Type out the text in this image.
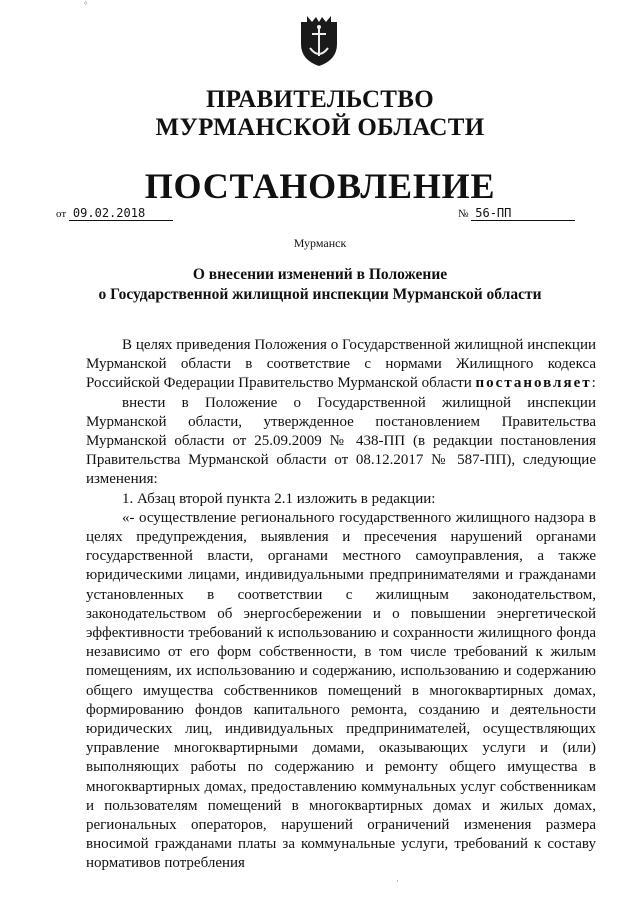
ПРАВИТЕЛЬСТВО
МУРМАНСКОЙ ОБЛАСТИ
ПОСТАНОВЛЕНИЕ
от 09.02.2018	№ 56-ПП
Мурманск
О внесении изменений в Положение
о Государственной жилищной инспекции Мурманской области

В целях приведения Положения о Государственной жилищной инспекции Мурманской области в соответствие с нормами Жилищного кодекса Российской Федерации Правительство Мурманской области постановляет:

внести в Положение о Государственной жилищной инспекции Мурманской области, утвержденное постановлением Правительства Мурманской области от 25.09.2009 № 438-ПП (в редакции постановления Правительства Мурманской области от 08.12.2017 № 587-ПП), следующие изменения:

1. Абзац второй пункта 2.1 изложить в редакции:

«- осуществление регионального государственного жилищного надзора в целях предупреждения, выявления и пресечения нарушений органами государственной власти, органами местного самоуправления, а также юридическими лицами, индивидуальными предпринимателями и гражданами установленных в соответствии с жилищным законодательством, законодательством об энергосбережении и о повышении энергетической эффективности требований к использованию и сохранности жилищного фонда независимо от его форм собственности, в том числе требований к жилым помещениям, их использованию и содержанию, использованию и содержанию общего имущества собственников помещений в многоквартирных домах, формированию фондов капитального ремонта, созданию и деятельности юридических лиц, индивидуальных предпринимателей, осуществляющих управление многоквартирными домами, оказывающих услуги и (или) выполняющих работы по содержанию и ремонту общего имущества в многоквартирных домах, предоставлению коммунальных услуг собственникам и пользователям помещений в многоквартирных домах и жилых домах, региональных операторов, нарушений ограничений изменения размера вносимой гражданами платы за коммунальные услуги, требований к составу нормативов потребления

°
·
